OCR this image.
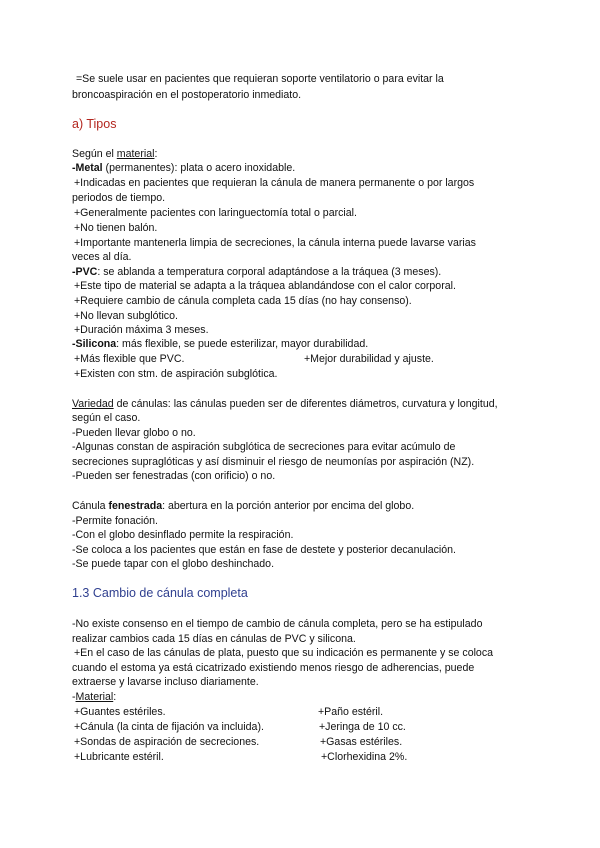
=Se suele usar en pacientes que requieran soporte ventilatorio o para evitar la
broncoaspiración en el postoperatorio inmediato.
a) Tipos
Según el material:
-Metal (permanentes): plata o acero inoxidable.
+Indicadas en pacientes que requieran la cánula de manera permanente o por largos
periodos de tiempo.
+Generalmente pacientes con laringuectomía total o parcial.
+No tienen balón.
+Importante mantenerla limpia de secreciones, la cánula interna puede lavarse varias
veces al día.
-PVC: se ablanda a temperatura corporal adaptándose a la tráquea (3 meses).
+Este tipo de material se adapta a la tráquea ablandándose con el calor corporal.
+Requiere cambio de cánula completa cada 15 días (no hay consenso).
+No llevan subglótico.
+Duración máxima 3 meses.
-Silicona: más flexible, se puede esterilizar, mayor durabilidad.
+Más flexible que PVC.	+Mejor durabilidad y ajuste.
+Existen con stm. de aspiración subglótica.
Variedad de cánulas: las cánulas pueden ser de diferentes diámetros, curvatura y longitud,
según el caso.
-Pueden llevar globo o no.
-Algunas constan de aspiración subglótica de secreciones para evitar acúmulo de
secreciones supraglóticas y así disminuir el riesgo de neumonías por aspiración (NZ).
-Pueden ser fenestradas (con orificio) o no.
Cánula fenestrada: abertura en la porción anterior por encima del globo.
-Permite fonación.
-Con el globo desinflado permite la respiración.
-Se coloca a los pacientes que están en fase de destete y posterior decanulación.
-Se puede tapar con el globo deshinchado.
1.3 Cambio de cánula completa
-No existe consenso en el tiempo de cambio de cánula completa, pero se ha estipulado
realizar cambios cada 15 días en cánulas de PVC y silicona.
+En el caso de las cánulas de plata, puesto que su indicación es permanente y se coloca
cuando el estoma ya está cicatrizado existiendo menos riesgo de adherencias, puede
extraerse y lavarse incluso diariamente.
-Material:
+Guantes estériles.
+Cánula (la cinta de fijación va incluida).
+Sondas de aspiración de secreciones.
+Lubricante estéril.
+Paño estéril.
+Jeringa de 10 cc.
+Gasas estériles.
+Clorhexidina 2%.
